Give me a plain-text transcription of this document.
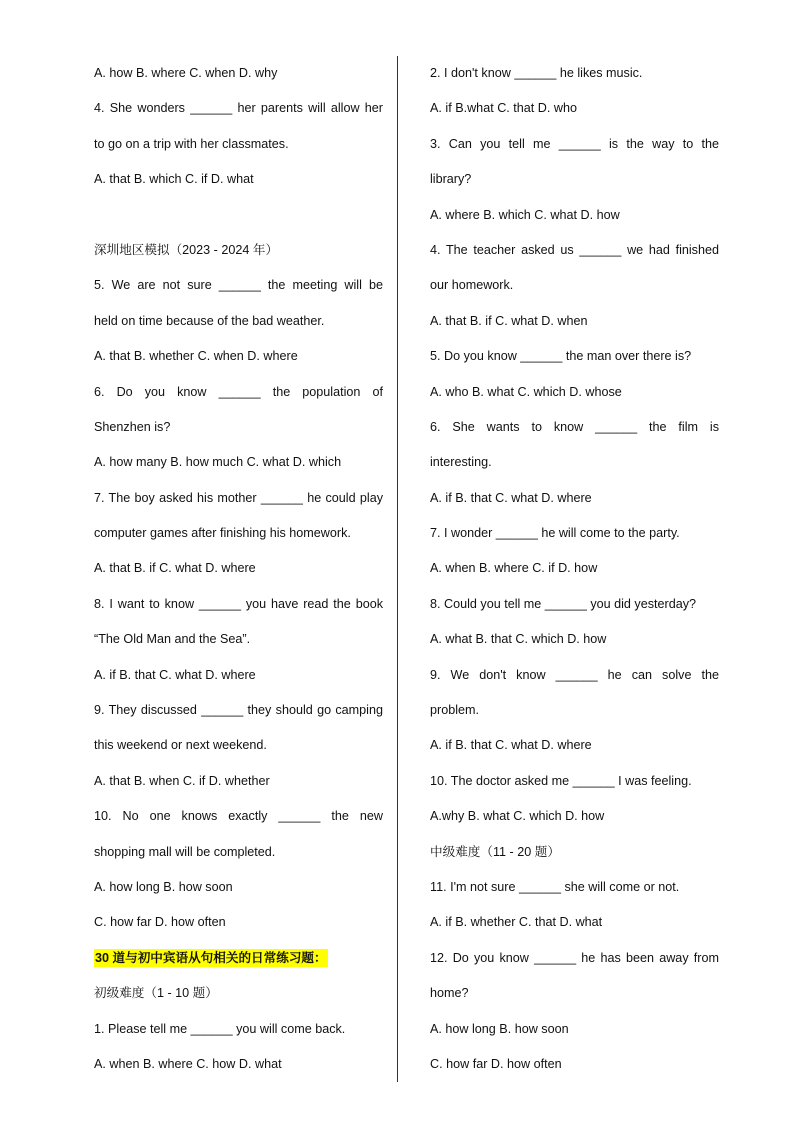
A. how B. where C. when D. why
4. She wonders ______ her parents will allow her
to go on a trip with her classmates.
A. that B. which C. if D. what
深圳地区模拟（2023 - 2024 年）
5. We are not sure ______ the meeting will be
held on time because of the bad weather.
A. that B. whether C. when D. where
6. Do you know ______ the population of
Shenzhen is?
A. how many B. how much C. what D. which
7. The boy asked his mother ______ he could play
computer games after finishing his homework.
A. that B. if C. what D. where
8. I want to know ______ you have read the book
“The Old Man and the Sea”.
A. if B. that C. what D. where
9. They discussed ______ they should go camping
this weekend or next weekend.
A. that B. when C. if D. whether
10. No one knows exactly ______ the new
shopping mall will be completed.
A. how long B. how soon
C. how far D. how often
30 道与初中宾语从句相关的日常练习题：
初级难度（1 - 10 题）
1. Please tell me ______ you will come back.
A. when B. where C. how D. what
2. I don't know ______ he likes music.
A. if B.what C. that D. who
3. Can you tell me ______ is the way to the
library?
A. where B. which C. what D. how
4. The teacher asked us ______ we had finished
our homework.
A. that B. if C. what D. when
5. Do you know ______ the man over there is?
A. who B. what C. which D. whose
6. She wants to know ______ the film is
interesting.
A. if B. that C. what D. where
7. I wonder ______ he will come to the party.
A. when B. where C. if D. how
8. Could you tell me ______ you did yesterday?
A. what B. that C. which D. how
9. We don't know ______ he can solve the
problem.
A. if B. that C. what D. where
10. The doctor asked me ______ I was feeling.
A.why B. what C. which D. how
中级难度（11 - 20 题）
11. I'm not sure ______ she will come or not.
A. if B. whether C. that D. what
12. Do you know ______ he has been away from
home?
A. how long B. how soon
C. how far D. how often
